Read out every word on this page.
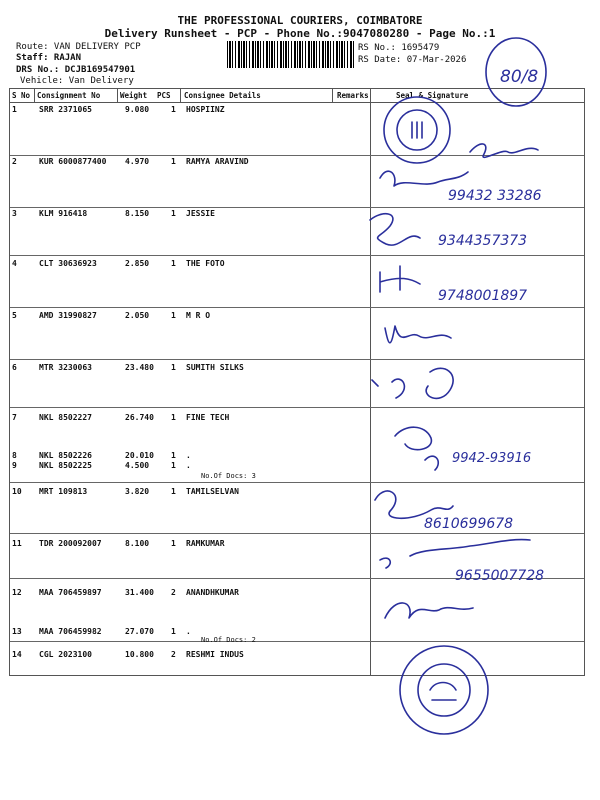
THE PROFESSIONAL COURIERS, COIMBATORE
Delivery Runsheet - PCP - Phone No.:9047080280 - Page No.:1
Route: VAN DELIVERY PCP
Staff: RAJAN
DRS No.: DCJB169547901
Vehicle: Van Delivery
RS No.: 1695479
RS Date: 07-Mar-2026
S No Consignment No	Weight PCS Consignee Details	Remarks	Seal & Signature
1	SRR 2371065	9.080	1 HOSPIINZ
2	KUR 6000877400 4.970	1 RAMYA ARAVIND
3	KLM 916418	8.150	1 JESSIE
4	CLT 30636923	2.850	1 THE FOTO
5	AMD 31990827	2.050	1 M R O
6	MTR 3230063	23.480 1 SUMITH SILKS
7	NKL 8502227	26.740 1 FINE TECH
8	NKL 8502226	20.010 1 .
9	NKL 8502225	4.500	1 .
No.Of Docs: 3
10 MRT 109813	3.820	1 TAMILSELVAN
11 TDR 200092007	8.100	1 RAMKUMAR
12 MAA 706459897	31.400 2 ANANDHKUMAR
13 MAA 706459982	27.070 1 .
No.Of Docs: 2
14 CGL 2023100	10.800 2 RESHMI INDUS
80/8
99432 33286
9344357373
9748001897
9942-93916
8610699678
9655007728
